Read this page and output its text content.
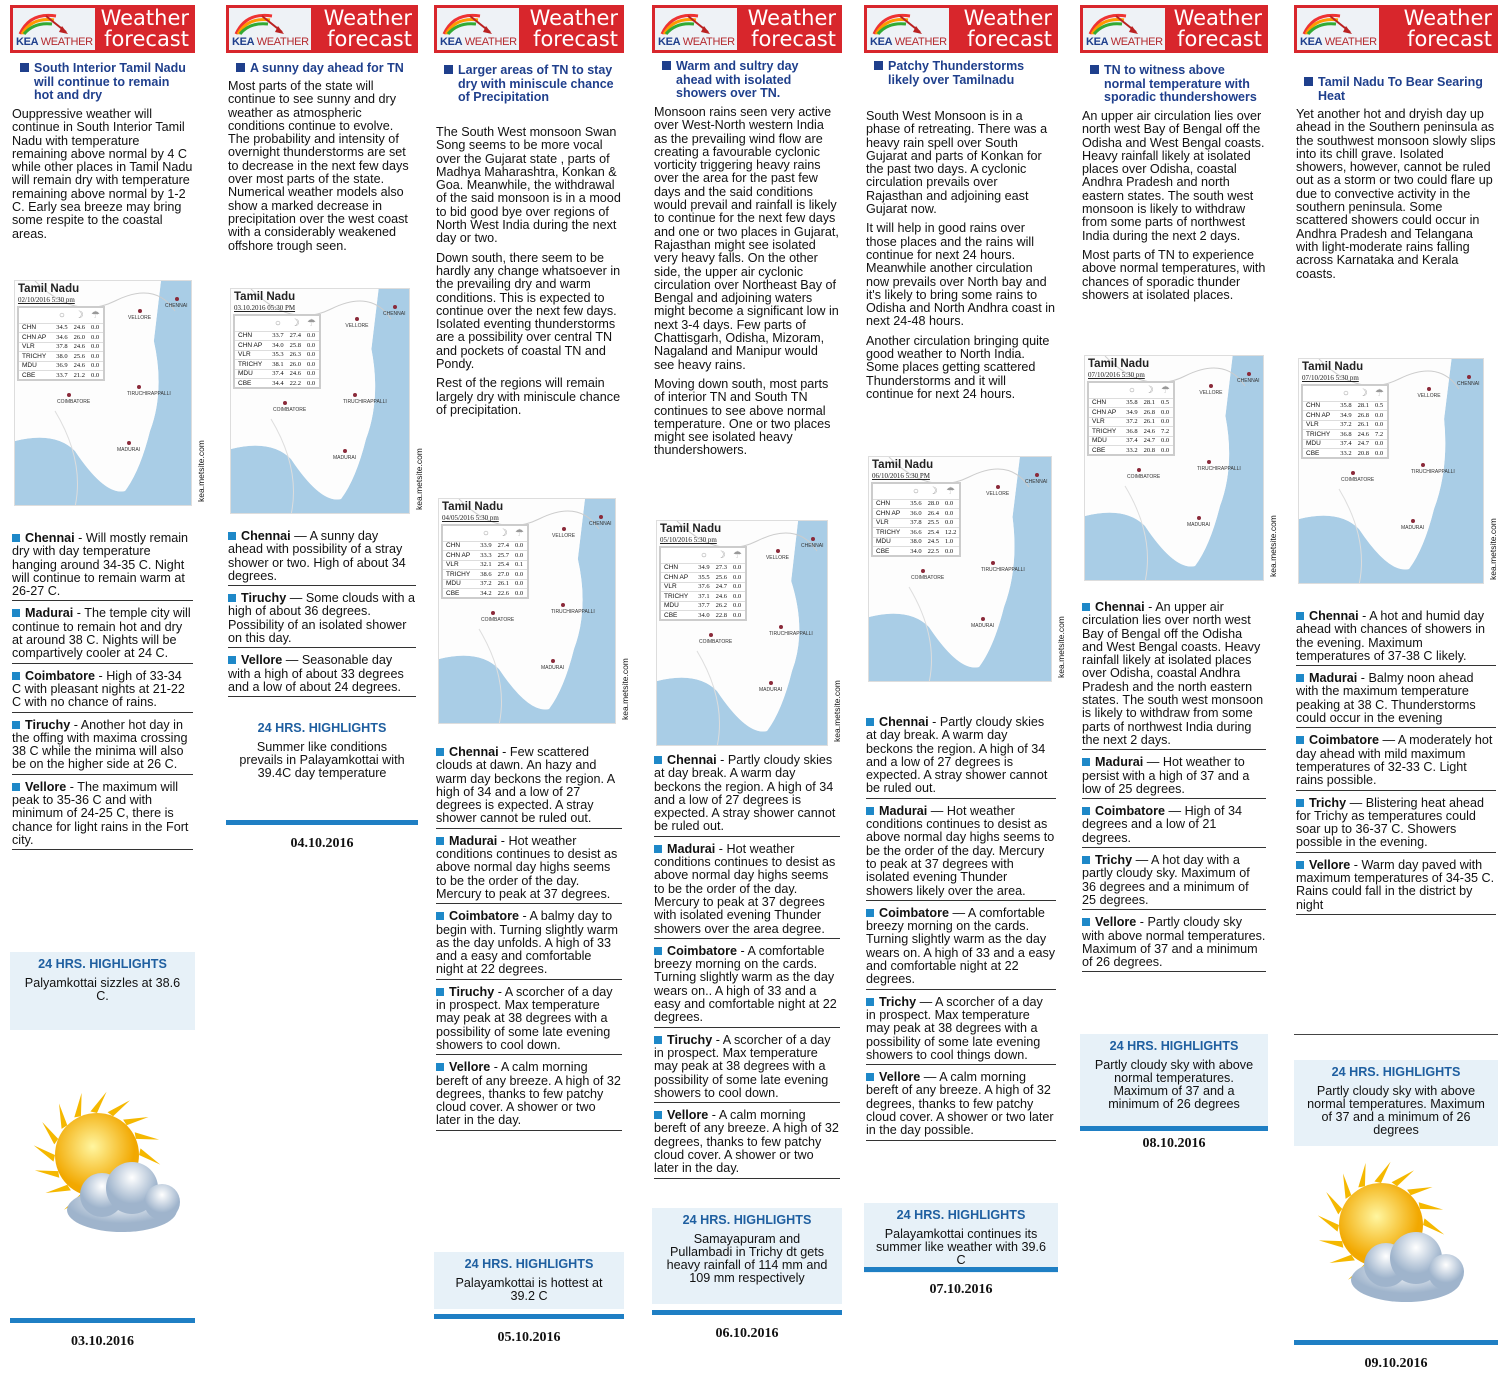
KEA WEATHER
Weather
forecast
South Interior Tamil Nadu will continue to remain hot and dry

Ouppressive weather will continue in South Interior Tamil Nadu with temperature remaining above normal by 4 C while other places in Tamil Nadu will remain dry with temperature remaining above normal by 1-2 C. Early sea breeze may bring some respite to the coastal areas.

Tamil Nadu
02/10/2016 5:30 pm
	○	☽	☂
CHN	34.5	24.6	0.0
CHN AP	34.6	26.0	0.0
VLR	37.8	24.6	0.0
TRICHY	38.0	25.6	0.0
MDU	36.9	24.6	0.0
CBE	33.7	21.2	0.0
CHENNAI
VELLORE
COIMBATORE
TIRUCHIRAPPALLI
MADURAI	kea.metsite.com
Chennai - Will mostly remain dry with day temperature hanging around 34-35 C. Night will continue to remain warm at 26-27 C.
Madurai - The temple city will continue to remain hot and dry at around 38 C. Nights will be compartively cooler at 24 C.
Coimbatore - High of 33-34 C with pleasant nights at 21-22 C with no chance of rains.
Tiruchy - Another hot day in the offing with maxima crossing 38 C while the minima will also be on the higher side at 26 C.
Vellore - The maximum will peak to 35-36 C and with minimum of 24-25 C, there is chance for light rains in the Fort city.
24 HRS. HIGHLIGHTS
Palyamkottai sizzles at 38.6 C.
03.10.2016
KEA WEATHER
Weather
forecast
A sunny day ahead for TN

Most parts of the state will continue to see sunny and dry weather as atmospheric conditions continue to evolve. The probability and intensity of overnight thunderstorms are set to decrease in the next few days over most parts of the state. Numerical weather models also show a marked decrease in precipitation over the west coast with a considerably weakened offshore trough seen.

Tamil Nadu
03.10.2016 05:30 PM
	○	☽	☂
CHN	33.7	27.4	0.0
CHN AP	34.0	25.8	0.0
VLR	35.3	26.3	0.0
TRICHY	38.1	26.0	0.0
MDU	37.4	24.6	0.0
CBE	34.4	22.2	0.0
CHENNAI
VELLORE
COIMBATORE
TIRUCHIRAPPALLI
MADURAI	kea.metsite.com
Chennai — A sunny day ahead with possibility of a stray shower or two. High of about 34 degrees.
Tiruchy — Some clouds with a high of about 36 degrees. Possibility of an isolated shower on this day.
Vellore — Seasonable day with a high of about 33 degrees and a low of about 24 degrees.
24 HRS. HIGHLIGHTS
Summer like conditions prevails in Palayamkottai with 39.4C day temperature
04.10.2016
KEA WEATHER
Weather
forecast
Larger areas of TN to stay dry with miniscule chance of Precipitation

The South West monsoon Swan Song seems to be more vocal over the Gujarat state , parts of Madhya Maharashtra, Konkan & Goa. Meanwhile, the withdrawal of the said monsoon is in a mood to bid good bye over regions of North West India during the next day or two.

Down south, there seem to be hardly any change whatsoever in the prevailing dry and warm conditions. This is expected to continue over the next few days. Isolated eventing thunderstorms are a possibility over central TN and pockets of coastal TN and Pondy.

Rest of the regions will remain largely dry with miniscule chance of precipitation.

Tamil Nadu
04/05/2016 5:30 pm
	○	☽	☂
CHN	33.9	27.4	0.0
CHN AP	33.3	25.7	0.0
VLR	32.1	25.4	0.1
TRICHY	38.6	27.0	0.0
MDU	37.2	26.1	0.0
CBE	34.2	22.6	0.0
CHENNAI
VELLORE
COIMBATORE
TIRUCHIRAPPALLI
MADURAI	kea.metsite.com
Chennai - Few scattered clouds at dawn. An hazy and warm day beckons the region. A high of 34 and a low of 27 degrees is expected. A stray shower cannot be ruled out.
Madurai - Hot weather conditions continues to desist as above normal day highs seems to be the order of the day. Mercury to peak at 37 degrees.
Coimbatore - A balmy day to begin with. Turning slightly warm as the day unfolds. A high of 33 and a easy and comfortable night at 22 degrees.
Tiruchy - A scorcher of a day in prospect. Max temperature may peak at 38 degrees with a possibility of some late evening showers to cool down.
Vellore - A calm morning bereft of any breeze. A high of 32 degrees, thanks to few patchy cloud cover. A shower or two later in the day.
24 HRS. HIGHLIGHTS
Palayamkottai is hottest at 39.2 C
05.10.2016
KEA WEATHER
Weather
forecast
Warm and sultry day ahead with isolated showers over TN.

Monsoon rains seen very active over West-North western India as the prevailing wind flow are creating a favourable cyclonic vorticity triggering heavy rains over the area for the past few days and the said conditions would prevail and rainfall is likely to continue for the next few days and one or two places in Gujarat, Rajasthan might see isolated very heavy falls. On the other side, the upper air cyclonic circulation over Northeast Bay of Bengal and adjoining waters might become a significant low in next 3-4 days. Few parts of Chattisgarh, Odisha, Mizoram, Nagaland and Manipur would see heavy rains.

Moving down south, most parts of interior TN and South TN continues to see above normal temperature. One or two places might see isolated heavy thundershowers.

Tamil Nadu
05/10/2016 5:30 pm
	○	☽	☂
CHN	34.9	27.3	0.0
CHN AP	35.5	25.6	0.0
VLR	37.6	24.7	0.0
TRICHY	37.1	24.6	0.0
MDU	37.7	26.2	0.0
CBE	34.0	22.8	0.0
CHENNAI
VELLORE
COIMBATORE
TIRUCHIRAPPALLI
MADURAI	kea.metsite.com
Chennai - Partly cloudy skies at day break. A warm day beckons the region. A high of 34 and a low of 27 degrees is expected. A stray shower cannot be ruled out.
Madurai - Hot weather conditions continues to desist as above normal day highs seems to be the order of the day. Mercury to peak at 37 degrees with isolated evening Thunder showers over the area degree.
Coimbatore - A comfortable breezy morning on the cards. Turning slightly warm as the day wears on.. A high of 33 and a easy and comfortable night at 22 degrees.
Tiruchy - A scorcher of a day in prospect. Max temperature may peak at 38 degrees with a possibility of some late evening showers to cool down.
Vellore - A calm morning bereft of any breeze. A high of 32 degrees, thanks to few patchy cloud cover. A shower or two later in the day.
24 HRS. HIGHLIGHTS
Samayapuram and Pullambadi in Trichy dt gets heavy rainfall of 114 mm and 109 mm respectively
06.10.2016
KEA WEATHER
Weather
forecast
Patchy Thunderstorms likely over Tamilnadu

South West Monsoon is in a phase of retreating. There was a heavy rain spell over South Gujarat and parts of Konkan for the past two days. A cyclonic circulation prevails over Rajasthan and adjoining east Gujarat now.

It will help in good rains over those places and the rains will continue for next 24 hours. Meanwhile another circulation now prevails over North bay and it's likely to bring some rains to Odisha and North Andhra coast in next 24-48 hours.

Another circulation bringing quite good weather to North India. Some places getting scattered Thunderstorms and it will continue for next 24 hours.

Tamil Nadu
06/10/2016 5:30 PM
	○	☽	☂
CHN	35.6	28.0	0.0
CHN AP	36.0	26.4	0.0
VLR	37.8	25.5	0.0
TRICHY	36.6	25.4	12.2
MDU	38.0	24.5	1.0
CBE	34.0	22.5	0.0
CHENNAI
VELLORE
COIMBATORE
TIRUCHIRAPPALLI
MADURAI	kea.metsite.com
Chennai - Partly cloudy skies at day break. A warm day beckons the region. A high of 34 and a low of 27 degrees is expected. A stray shower cannot be ruled out.
Madurai — Hot weather conditions continues to desist as above normal day highs seems to be the order of the day. Mercury to peak at 37 degrees with isolated evening Thunder showers likely over the area.
Coimbatore — A comfortable breezy morning on the cards. Turning slightly warm as the day wears on. A high of 33 and a easy and comfortable night at 22 degrees.
Trichy — A scorcher of a day in prospect. Max temperature may peak at 38 degrees with a possibility of some late evening showers to cool things down.
Vellore — A calm morning bereft of any breeze. A high of 32 degrees, thanks to few patchy cloud cover. A shower or two later in the day possible.
24 HRS. HIGHLIGHTS
Palayamkottai continues its summer like weather with 39.6 C
07.10.2016
KEA WEATHER
Weather
forecast
TN to witness above normal temperature with sporadic thundershowers

An upper air circulation lies over north west Bay of Bengal off the Odisha and West Bengal coasts. Heavy rainfall likely at isolated places over Odisha, coastal Andhra Pradesh and north eastern states. The south west monsoon is likely to withdraw from some parts of northwest India during the next 2 days.

Most parts of TN to experience above normal temperatures, with chances of sporadic thunder showers at isolated places.

Tamil Nadu
07/10/2016 5:30 pm
	○	☽	☂
CHN	35.8	28.1	0.5
CHN AP	34.9	26.8	0.0
VLR	37.2	26.1	0.0
TRICHY	36.8	24.6	7.2
MDU	37.4	24.7	0.0
CBE	33.2	20.8	0.0
CHENNAI
VELLORE
COIMBATORE
TIRUCHIRAPPALLI
MADURAI	kea.metsite.com
Chennai - An upper air circulation lies over north west Bay of Bengal off the Odisha and West Bengal coasts. Heavy rainfall likely at isolated places over Odisha, coastal Andhra Pradesh and the north eastern states. The south west monsoon is likely to withdraw from some parts of northwest India during the next 2 days.
Madurai — Hot weather to persist with a high of 37 and a low of 25 degrees.
Coimbatore — High of 34 degrees and a low of 21 degrees.
Trichy — A hot day with a partly cloudy sky. Maximum of 36 degrees and a minimum of 25 degrees.
Vellore - Partly cloudy sky with above normal temperatures. Maximum of 37 and a minimum of 26 degrees.
24 HRS. HIGHLIGHTS
Partly cloudy sky with above normal temperatures. Maximum of 37 and a minimum of 26 degrees
08.10.2016
KEA WEATHER
Weather
forecast
Tamil Nadu To Bear Searing Heat

Yet another hot and dryish day up ahead in the Southern peninsula as the southwest monsoon slowly slips into its chill grave. Isolated showers, however, cannot be ruled out as a storm or two could flare up due to convective activity in the southern peninsula. Some scattered showers could occur in Andhra Pradesh and Telangana with light-moderate rains falling across Karnataka and Kerala coasts.

Tamil Nadu
07/10/2016 5:30 pm
	○	☽	☂
CHN	35.8	28.1	0.5
CHN AP	34.9	26.8	0.0
VLR	37.2	26.1	0.0
TRICHY	36.8	24.6	7.2
MDU	37.4	24.7	0.0
CBE	33.2	20.8	0.0
CHENNAI
VELLORE
COIMBATORE
TIRUCHIRAPPALLI
MADURAI	kea.metsite.com
Chennai - A hot and humid day ahead with chances of showers in the evening. Maximum temperatures of 37-38 C likely.
Madurai - Balmy noon ahead with the maximum temperature peaking at 38 C. Thunderstorms could occur in the evening
Coimbatore — A moderately hot day ahead with mild maximum temperatures of 32-33 C. Light rains possible.
Trichy — Blistering heat ahead for Trichy as temperatures could soar up to 36-37 C. Showers possible in the evening.
Vellore - Warm day paved with maximum temperatures of 34-35 C. Rains could fall in the district by night
24 HRS. HIGHLIGHTS
Partly cloudy sky with above normal temperatures. Maximum of 37 and a minimum of 26 degrees
09.10.2016
